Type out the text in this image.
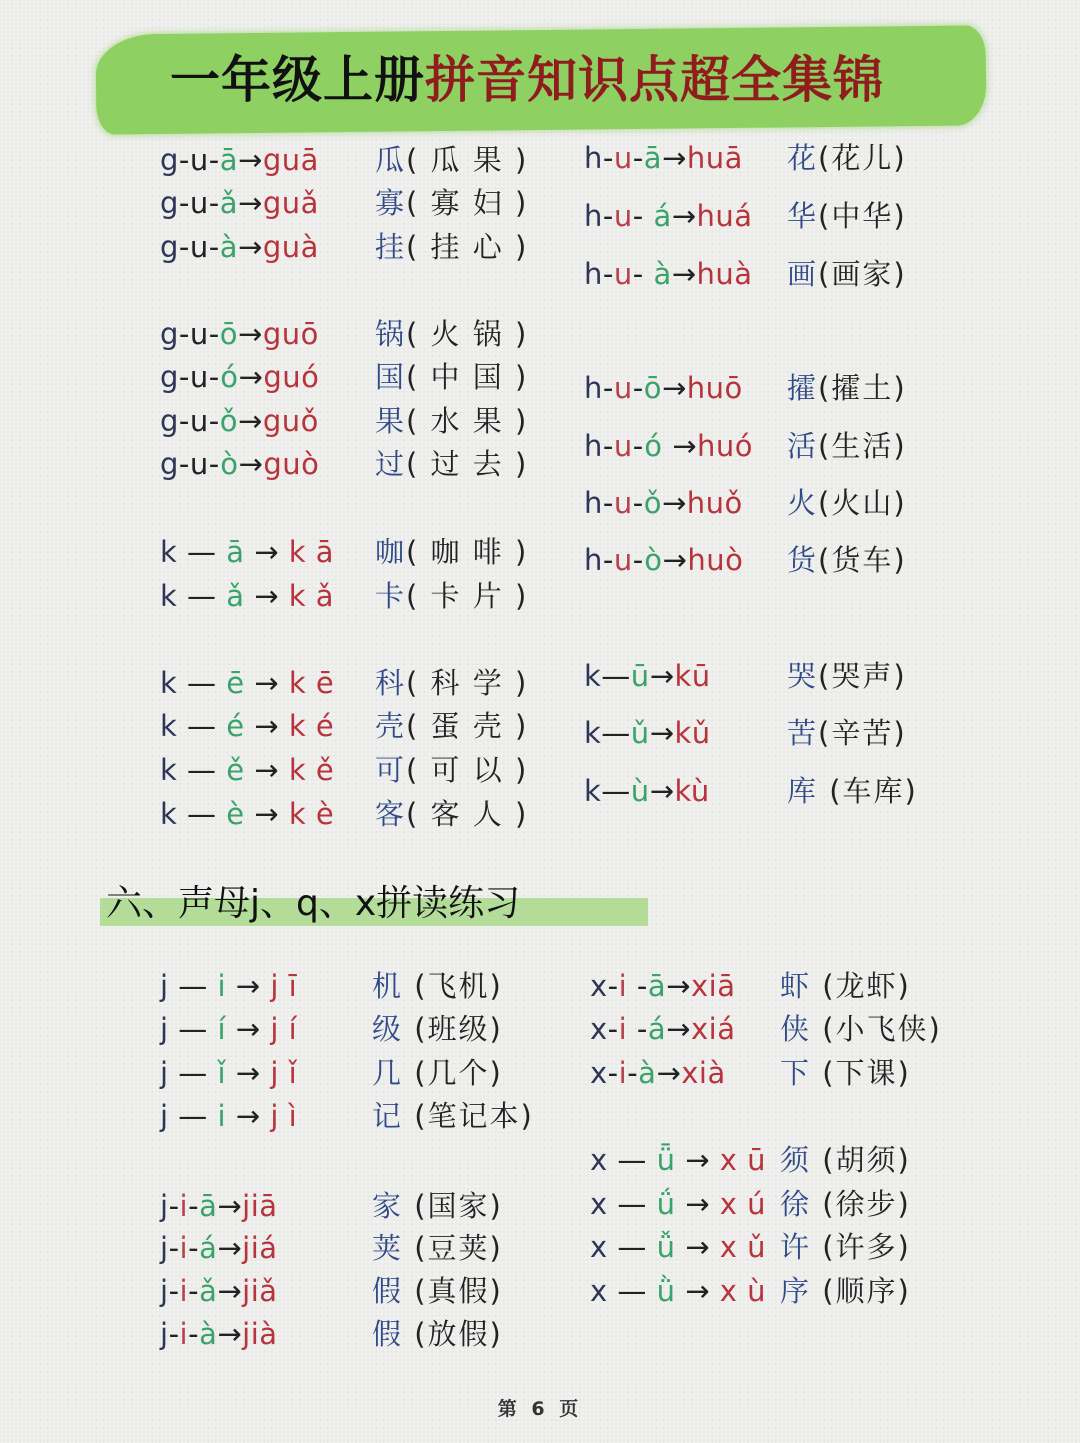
一年级上册拼音知识点超全集锦
g-u-ā→guā 瓜( 瓜 果 )
g-u-ǎ→guǎ 寡( 寡 妇 )
g-u-à→guà 挂( 挂 心 )
g-u-ō→guō 锅( 火 锅 )
g-u-ó→guó 国( 中 国 )
g-u-ǒ→guǒ 果( 水 果 )
g-u-ò→guò 过( 过 去 )
k — ā → k ā 咖( 咖 啡 )
k — ǎ → k ǎ 卡( 卡 片 )
k — ē → k ē 科( 科 学 )
k — é → k é 壳( 蛋 壳 )
k — ě → k ě 可( 可 以 )
k — è → k è 客( 客 人 )
h-u-ā→huā 花(花儿)
h-u- á→huá 华(中华)
h-u- à→huà 画(画家)
h-u-ō→huō 攉(攉土)
h-u-ó →huó 活(生活)
h-u-ǒ→huǒ 火(火山)
h-u-ò→huò 货(货车)
k—ū→kū	哭(哭声)
k—ǔ→kǔ	苦(辛苦)
k—ù→kù	库 (车库)
j — i → j ī	机 (飞机)
j — í → j í	级 (班级)
j — ǐ → j ǐ	几 (几个)
j — i → j ì	记 (笔记本)
j-i-ā→jiā	家 (国家)
j-i-á→jiá	荚 (豆荚)
j-i-ǎ→jiǎ	假 (真假)
j-i-à→jià	假 (放假)
x-i -ā→xiā 虾 (龙虾)
x-i -á→xiá 侠 (小飞侠)
x-i-à→xià 下 (下课)
x — ǖ → x ū 须 (胡须)
x — ǘ → x ú 徐 (徐步)
x — ǚ → x ǔ 许 (许多)
x — ǜ → x ù 序 (顺序)
六、声母j、q、x拼读练习
第 6 页
